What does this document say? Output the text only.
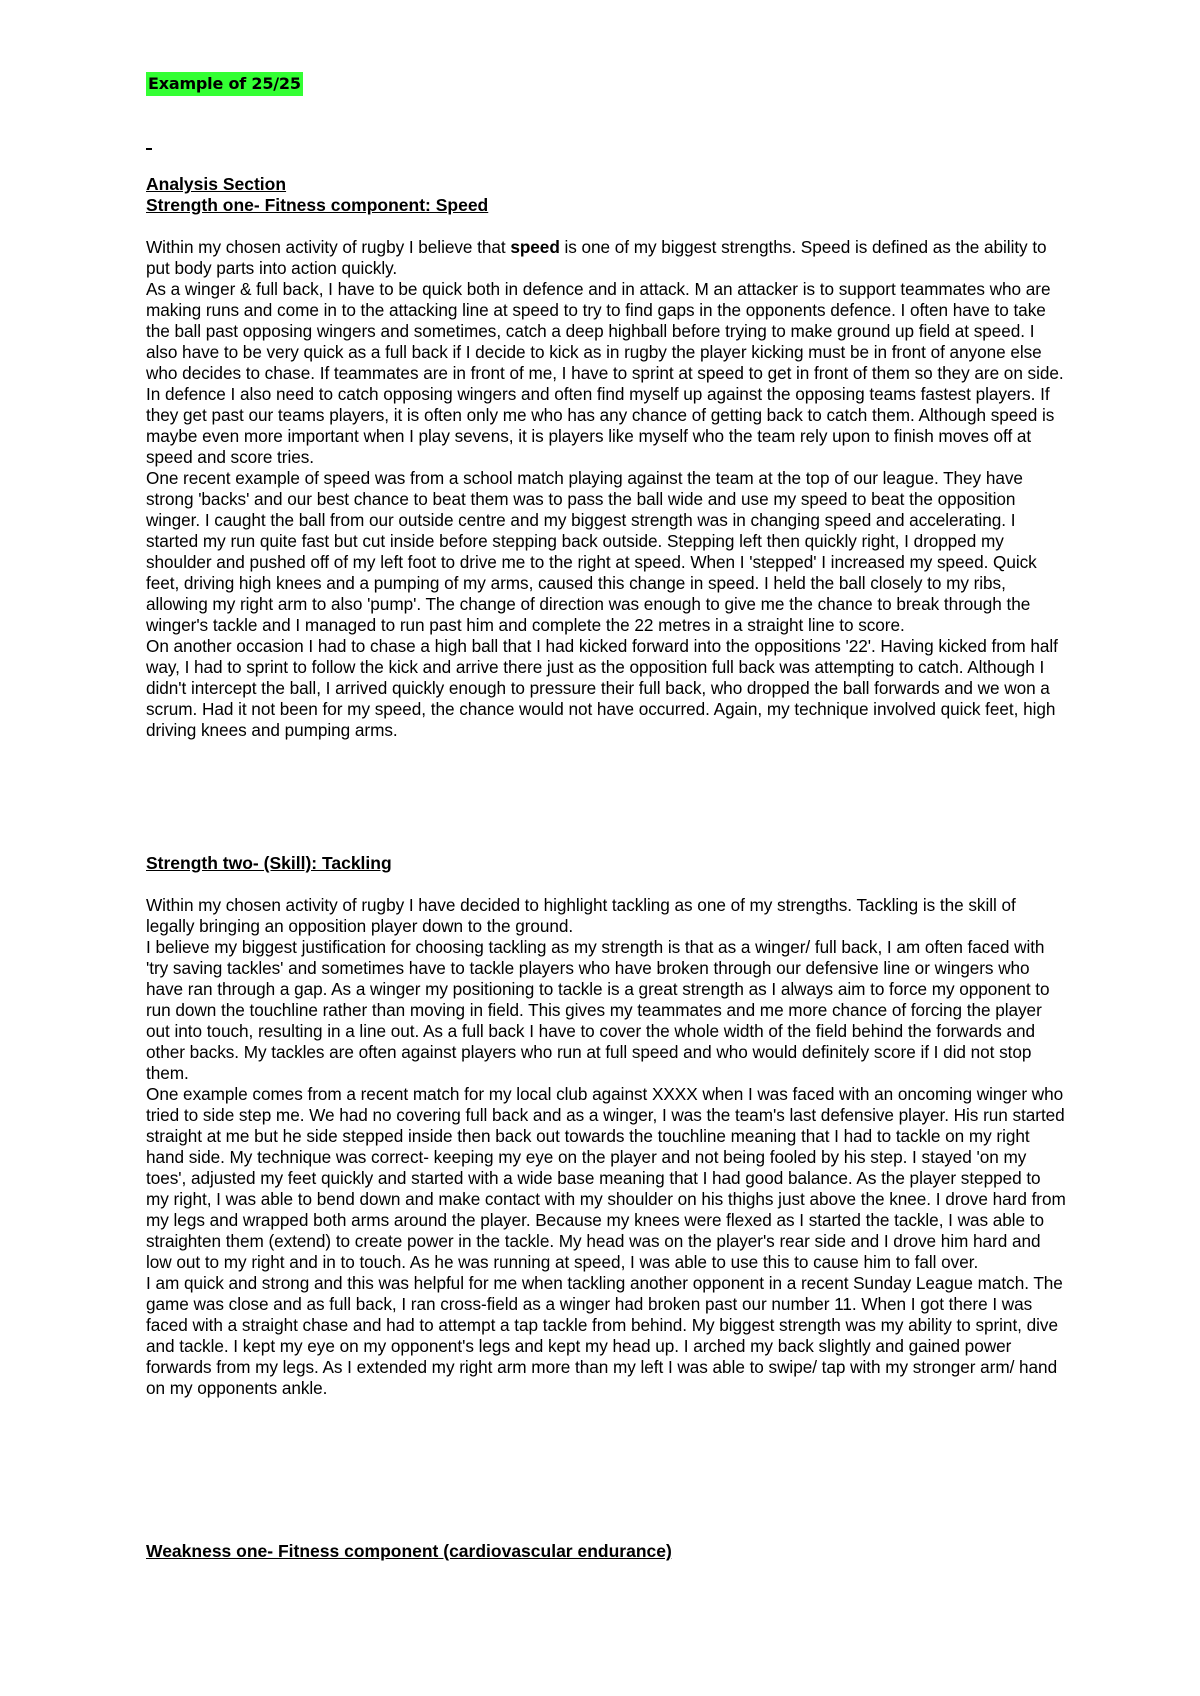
Example of 25/25

Analysis Section

Strength one- Fitness component: Speed

Within my chosen activity of rugby I believe that speed is one of my biggest strengths. Speed is defined as the ability to put body parts into action quickly.

As a winger & full back, I have to be quick both in defence and in attack. M an attacker is to support teammates who are making runs and come in to the attacking line at speed to try to find gaps in the opponents defence. I often have to take the ball past opposing wingers and sometimes, catch a deep highball before trying to make ground up field at speed. I also have to be very quick as a full back if I decide to kick as in rugby the player kicking must be in front of anyone else who decides to chase. If teammates are in front of me, I have to sprint at speed to get in front of them so they are on side. In defence I also need to catch opposing wingers and often find myself up against the opposing teams fastest players. If they get past our teams players, it is often only me who has any chance of getting back to catch them. Although speed is maybe even more important when I play sevens, it is players like myself who the team rely upon to finish moves off at speed and score tries.

One recent example of speed was from a school match playing against the team at the top of our league. They have strong 'backs' and our best chance to beat them was to pass the ball wide and use my speed to beat the opposition winger. I caught the ball from our outside centre and my biggest strength was in changing speed and accelerating. I started my run quite fast but cut inside before stepping back outside. Stepping left then quickly right, I dropped my shoulder and pushed off of my left foot to drive me to the right at speed. When I 'stepped' I increased my speed. Quick feet, driving high knees and a pumping of my arms, caused this change in speed. I held the ball closely to my ribs, allowing my right arm to also 'pump'. The change of direction was enough to give me the chance to break through the winger's tackle and I managed to run past him and complete the 22 metres in a straight line to score.

On another occasion I had to chase a high ball that I had kicked forward into the oppositions '22'. Having kicked from half way, I had to sprint to follow the kick and arrive there just as the opposition full back was attempting to catch. Although I didn't intercept the ball, I arrived quickly enough to pressure their full back, who dropped the ball forwards and we won a scrum. Had it not been for my speed, the chance would not have occurred. Again, my technique involved quick feet, high driving knees and pumping arms.

Strength two- (Skill): Tackling

Within my chosen activity of rugby I have decided to highlight tackling as one of my strengths. Tackling is the skill of legally bringing an opposition player down to the ground.

I believe my biggest justification for choosing tackling as my strength is that as a winger/ full back, I am often faced with 'try saving tackles' and sometimes have to tackle players who have broken through our defensive line or wingers who have ran through a gap. As a winger my positioning to tackle is a great strength as I always aim to force my opponent to run down the touchline rather than moving in field. This gives my teammates and me more chance of forcing the player out into touch, resulting in a line out. As a full back I have to cover the whole width of the field behind the forwards and other backs. My tackles are often against players who run at full speed and who would definitely score if I did not stop them.

One example comes from a recent match for my local club against XXXX when I was faced with an oncoming winger who tried to side step me. We had no covering full back and as a winger, I was the team's last defensive player. His run started straight at me but he side stepped inside then back out towards the touchline meaning that I had to tackle on my right hand side. My technique was correct- keeping my eye on the player and not being fooled by his step. I stayed 'on my toes', adjusted my feet quickly and started with a wide base meaning that I had good balance. As the player stepped to my right, I was able to bend down and make contact with my shoulder on his thighs just above the knee. I drove hard from my legs and wrapped both arms around the player. Because my knees were flexed as I started the tackle, I was able to straighten them (extend) to create power in the tackle. My head was on the player's rear side and I drove him hard and low out to my right and in to touch. As he was running at speed, I was able to use this to cause him to fall over.

I am quick and strong and this was helpful for me when tackling another opponent in a recent Sunday League match. The game was close and as full back, I ran cross-field as a winger had broken past our number 11. When I got there I was faced with a straight chase and had to attempt a tap tackle from behind. My biggest strength was my ability to sprint, dive and tackle. I kept my eye on my opponent's legs and kept my head up. I arched my back slightly and gained power forwards from my legs. As I extended my right arm more than my left I was able to swipe/ tap with my stronger arm/ hand on my opponents ankle.

Weakness one- Fitness component (cardiovascular endurance)
